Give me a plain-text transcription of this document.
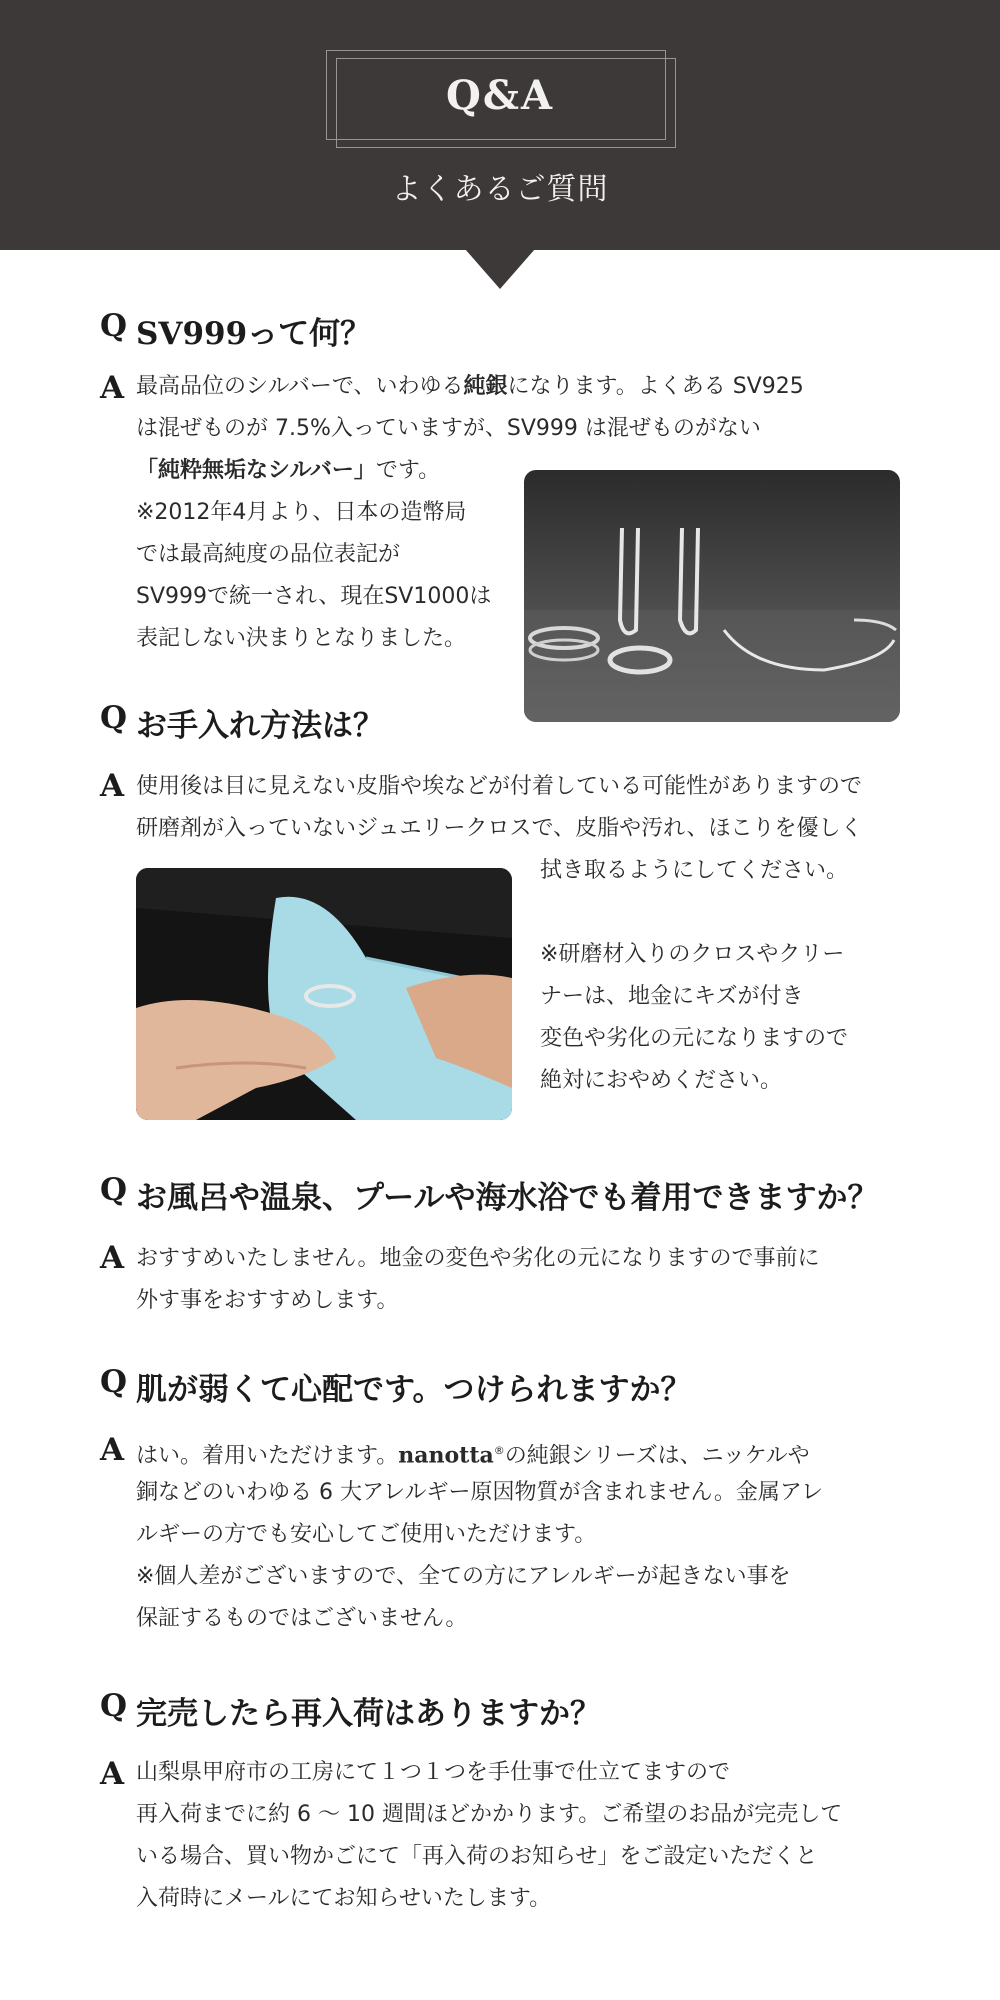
Q&A
よくあるご質問
Q SV999って何？
A 最高品位のシルバーで、いわゆる純銀になります。よくある SV925
は混ぜものが 7.5%入っていますが、SV999 は混ぜものがない
「純粋無垢なシルバー」です。
※2012年4月より、日本の造幣局
では最高純度の品位表記が
SV999で統一され、現在SV1000は
表記しない決まりとなりました。
Q お手入れ方法は？
A 使用後は目に見えない皮脂や埃などが付着している可能性がありますので
研磨剤が入っていないジュエリークロスで、皮脂や汚れ、ほこりを優しく
拭き取るようにしてください。
※研磨材入りのクロスやクリー
ナーは、地金にキズが付き
変色や劣化の元になりますので
絶対におやめください。
Q お風呂や温泉、プールや海水浴でも着用できますか？
A おすすめいたしません。地金の変色や劣化の元になりますので事前に
外す事をおすすめします。
Q 肌が弱くて心配です。つけられますか？
A はい。着用いただけます。nanotta®の純銀シリーズは、ニッケルや
銅などのいわゆる 6 大アレルギー原因物質が含まれません。金属アレ
ルギーの方でも安心してご使用いただけます。
※個人差がございますので、全ての方にアレルギーが起きない事を
保証するものではございません。
Q 完売したら再入荷はありますか？
A 山梨県甲府市の工房にて１つ１つを手仕事で仕立てますので
再入荷までに約 6 〜 10 週間ほどかかります。ご希望のお品が完売して
いる場合、買い物かごにて「再入荷のお知らせ」をご設定いただくと
入荷時にメールにてお知らせいたします。
